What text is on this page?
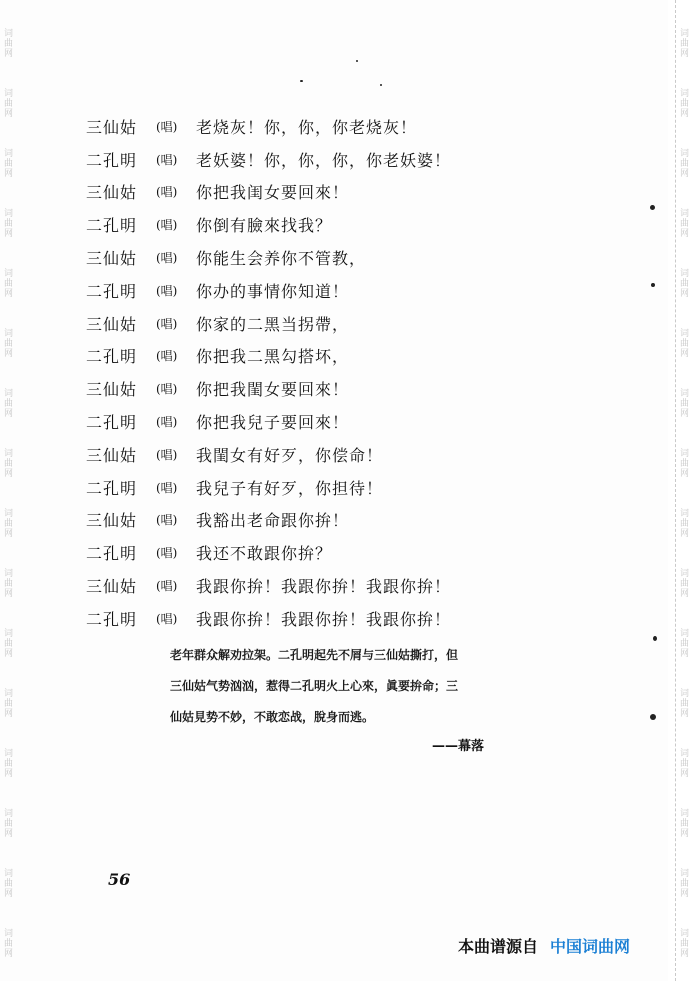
词曲网
词曲网
词曲网
词曲网
词曲网
词曲网
词曲网
词曲网
词曲网
词曲网
词曲网
词曲网
词曲网
词曲网
词曲网
词曲网
三仙姑	(唱)	老烧灰！你，你，你老烧灰！
二孔明	(唱)	老妖婆！你，你，你，你老妖婆！
三仙姑	(唱)	你把我闺女要回來！
二孔明	(唱)	你倒有臉來找我？
三仙姑	(唱)	你能生会养你不管教，
二孔明	(唱)	你办的事情你知道！
三仙姑	(唱)	你家的二黑当拐帶，
二孔明	(唱)	你把我二黑勾搭坏，
三仙姑	(唱)	你把我閨女要回來！
二孔明	(唱)	你把我兒子要回來！
三仙姑	(唱)	我閨女有好歹，你偿命！
二孔明	(唱)	我兒子有好歹，你担待！
三仙姑	(唱)	我豁出老命跟你拚！
二孔明	(唱)	我还不敢跟你拚？
三仙姑	(唱)	我跟你拚！我跟你拚！我跟你拚！
二孔明	(唱)	我跟你拚！我跟你拚！我跟你拚！
老年群众解劝拉架。二孔明起先不屑与三仙姑撕打，但
三仙姑气势汹汹，惹得二孔明火上心來，眞要拚命；三
仙姑見势不妙，不敢恋战，脫身而逃。
——幕落
56
词曲网
词曲网
词曲网
词曲网
词曲网
词曲网
词曲网
词曲网
词曲网
词曲网
词曲网
词曲网
词曲网
词曲网
词曲网
词曲网
本曲谱源自 中国词曲网
